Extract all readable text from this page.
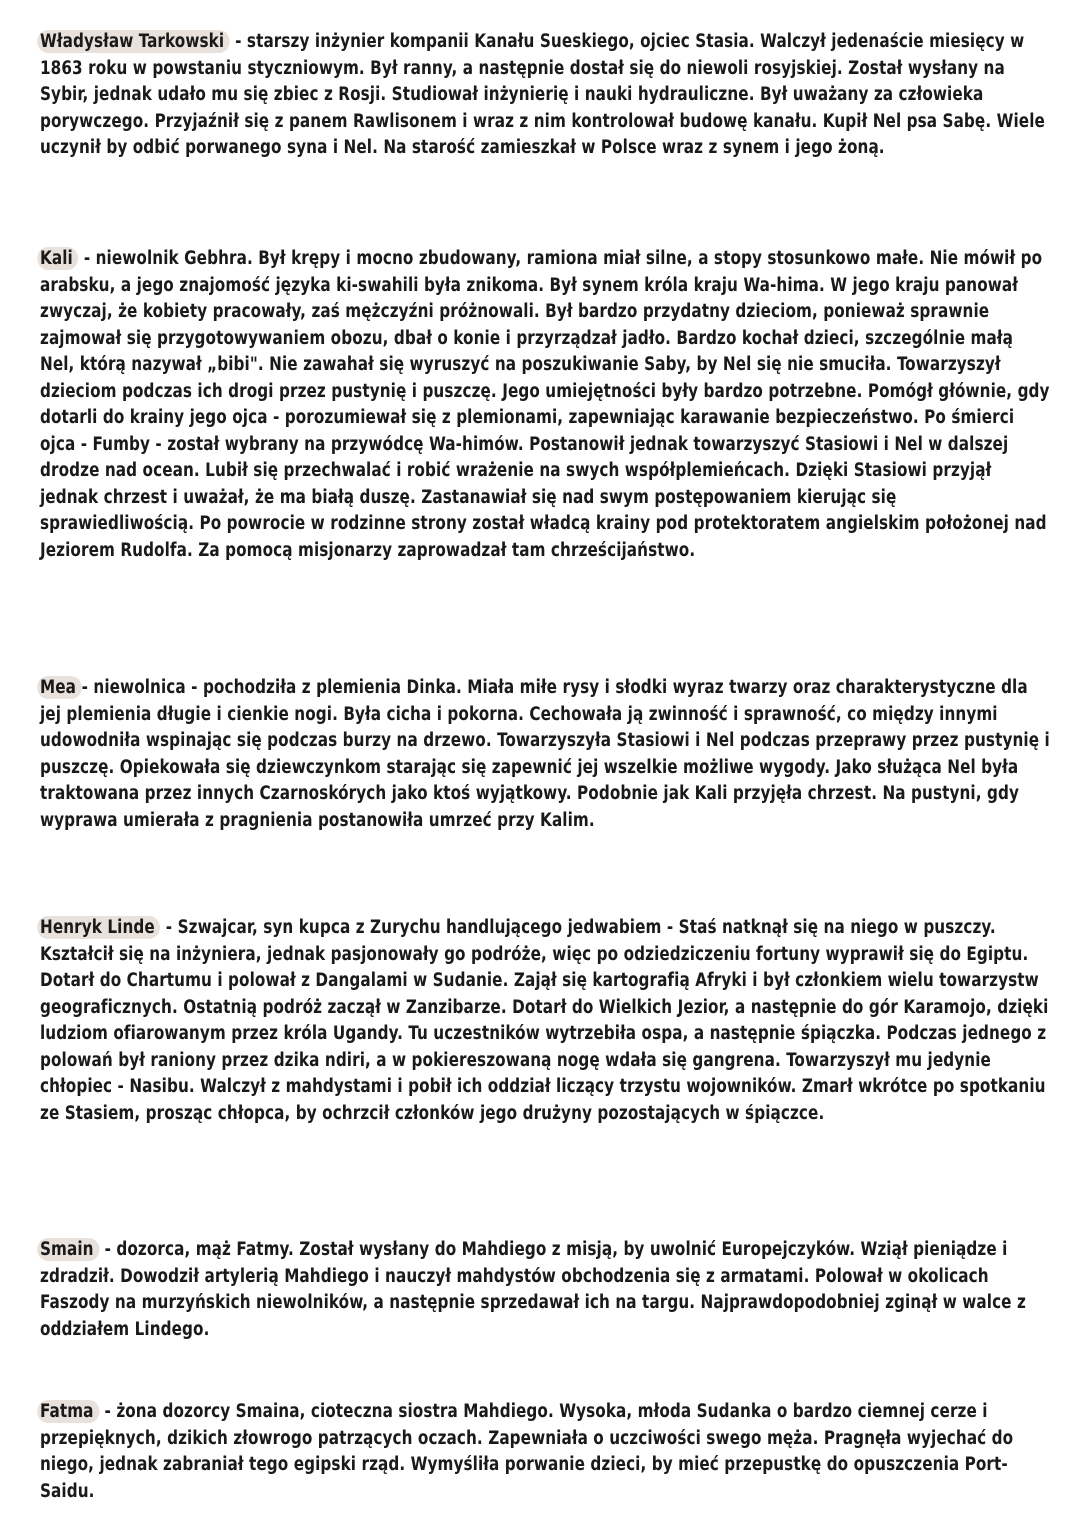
Władysław Tarkowski - starszy inżynier kompanii Kanału Sueskiego, ojciec Stasia. Walczył jedenaście miesięcy w 1863 roku w powstaniu styczniowym. Był ranny, a następnie dostał się do niewoli rosyjskiej. Został wysłany na Sybir, jednak udało mu się zbiec z Rosji. Studiował inżynierię i nauki hydrauliczne. Był uważany za człowieka porywczego. Przyjaźnił się z panem Rawlisonem i wraz z nim kontrolował budowę kanału. Kupił Nel psa Sabę. Wiele uczynił by odbić porwanego syna i Nel. Na starość zamieszkał w Polsce wraz z synem i jego żoną.

Kali - niewolnik Gebhra. Był krępy i mocno zbudowany, ramiona miał silne, a stopy stosunkowo małe. Nie mówił po arabsku, a jego znajomość języka ki-swahili była znikoma. Był synem króla kraju Wa-hima. W jego kraju panował zwyczaj, że kobiety pracowały, zaś mężczyźni próżnowali. Był bardzo przydatny dzieciom, ponieważ sprawnie zajmował się przygotowywaniem obozu, dbał o konie i przyrządzał jadło. Bardzo kochał dzieci, szczególnie małą Nel, którą nazywał „bibi". Nie zawahał się wyruszyć na poszukiwanie Saby, by Nel się nie smuciła. Towarzyszył dzieciom podczas ich drogi przez pustynię i puszczę. Jego umiejętności były bardzo potrzebne. Pomógł głównie, gdy dotarli do krainy jego ojca - porozumiewał się z plemionami, zapewniając karawanie bezpieczeństwo. Po śmierci ojca - Fumby - został wybrany na przywódcę Wa-himów. Postanowił jednak towarzyszyć Stasiowi i Nel w dalszej drodze nad ocean. Lubił się przechwalać i robić wrażenie na swych współplemieńcach. Dzięki Stasiowi przyjął jednak chrzest i uważał, że ma białą duszę. Zastanawiał się nad swym postępowaniem kierując się sprawiedliwością. Po powrocie w rodzinne strony został władcą krainy pod protektoratem angielskim położonej nad Jeziorem Rudolfa. Za pomocą misjonarzy zaprowadzał tam chrześcijaństwo.

Mea - niewolnica - pochodziła z plemienia Dinka. Miała miłe rysy i słodki wyraz twarzy oraz charakterystyczne dla jej plemienia długie i cienkie nogi. Była cicha i pokorna. Cechowała ją zwinność i sprawność, co między innymi udowodniła wspinając się podczas burzy na drzewo. Towarzyszyła Stasiowi i Nel podczas przeprawy przez pustynię i puszczę. Opiekowała się dziewczynkom starając się zapewnić jej wszelkie możliwe wygody. Jako służąca Nel była traktowana przez innych Czarnoskórych jako ktoś wyjątkowy. Podobnie jak Kali przyjęła chrzest. Na pustyni, gdy wyprawa umierała z pragnienia postanowiła umrzeć przy Kalim.

Henryk Linde - Szwajcar, syn kupca z Zurychu handlującego jedwabiem - Staś natknął się na niego w puszczy. Kształcił się na inżyniera, jednak pasjonowały go podróże, więc po odziedziczeniu fortuny wyprawił się do Egiptu. Dotarł do Chartumu i polował z Dangalami w Sudanie. Zajął się kartografią Afryki i był członkiem wielu towarzystw geograficznych. Ostatnią podróż zaczął w Zanzibarze. Dotarł do Wielkich Jezior, a następnie do gór Karamojo, dzięki ludziom ofiarowanym przez króla Ugandy. Tu uczestników wytrzebiła ospa, a następnie śpiączka. Podczas jednego z polowań był raniony przez dzika ndiri, a w pokiereszowaną nogę wdała się gangrena. Towarzyszył mu jedynie chłopiec - Nasibu. Walczył z mahdystami i pobił ich oddział liczący trzystu wojowników. Zmarł wkrótce po spotkaniu ze Stasiem, prosząc chłopca, by ochrzcił członków jego drużyny pozostających w śpiączce.

Smain - dozorca, mąż Fatmy. Został wysłany do Mahdiego z misją, by uwolnić Europejczyków. Wziął pieniądze i zdradził. Dowodził artylerią Mahdiego i nauczył mahdystów obchodzenia się z armatami. Polował w okolicach Faszody na murzyńskich niewolników, a następnie sprzedawał ich na targu. Najprawdopodobniej zginął w walce z oddziałem Lindego.

Fatma - żona dozorcy Smaina, cioteczna siostra Mahdiego. Wysoka, młoda Sudanka o bardzo ciemnej cerze i przepięknych, dzikich złowrogo patrzących oczach. Zapewniała o uczciwości swego męża. Pragnęła wyjechać do niego, jednak zabraniał tego egipski rząd. Wymyśliła porwanie dzieci, by mieć przepustkę do opuszczenia Port-Saidu.
